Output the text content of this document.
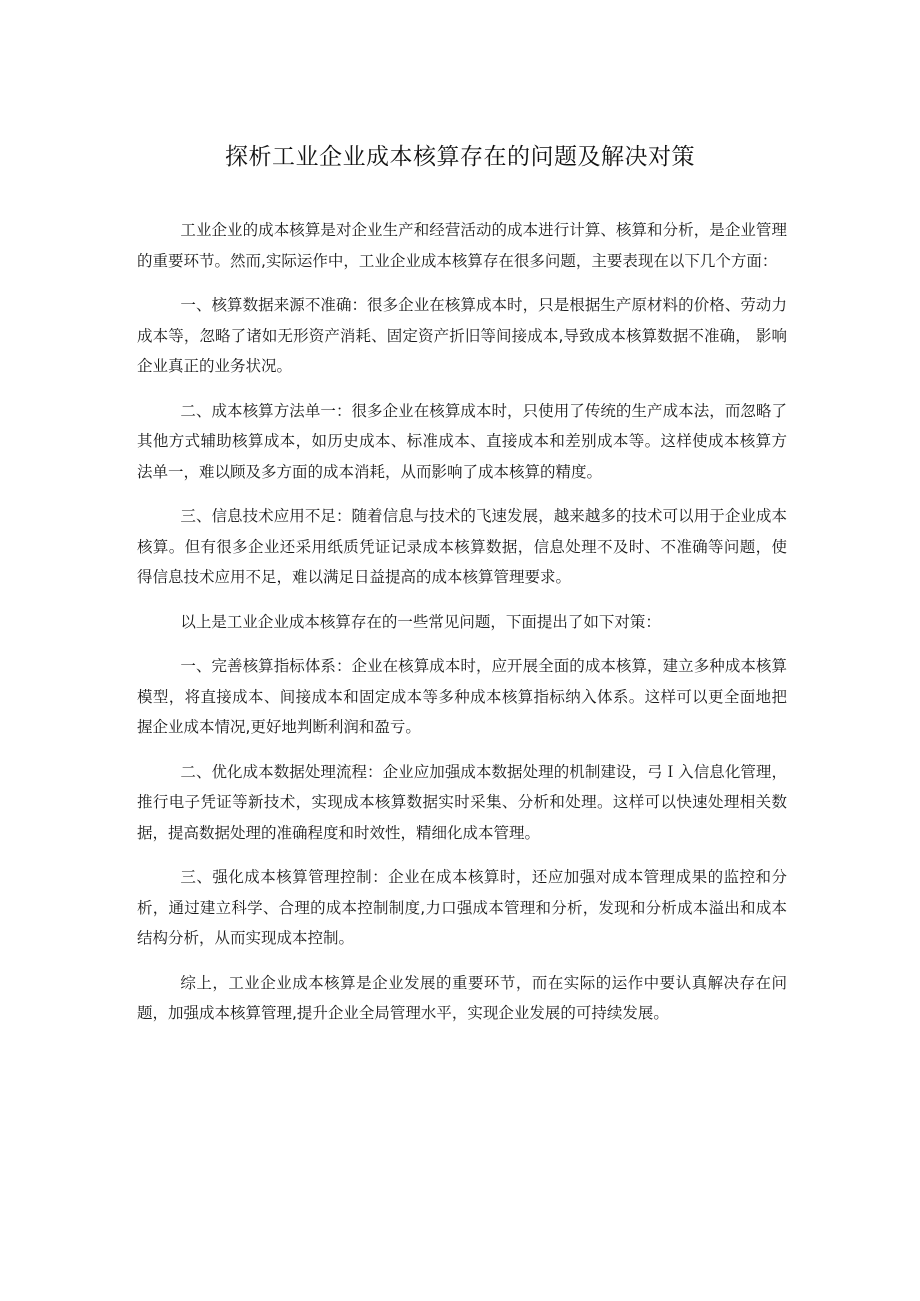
探析工业企业成本核算存在的问题及解决对策

工业企业的成本核算是对企业生产和经营活动的成本进行计算、核算和分析，是企业管理的重要环节。然而,实际运作中，工业企业成本核算存在很多问题，主要表现在以下几个方面：

一、核算数据来源不准确：很多企业在核算成本时，只是根据生产原材料的价格、劳动力成本等，忽略了诸如无形资产消耗、固定资产折旧等间接成本,导致成本核算数据不准确， 影响企业真正的业务状况。

二、成本核算方法单一：很多企业在核算成本时，只使用了传统的生产成本法，而忽略了其他方式辅助核算成本，如历史成本、标准成本、直接成本和差别成本等。这样使成本核算方法单一，难以顾及多方面的成本消耗，从而影响了成本核算的精度。

三、信息技术应用不足：随着信息与技术的飞速发展，越来越多的技术可以用于企业成本核算。但有很多企业还采用纸质凭证记录成本核算数据，信息处理不及时、不准确等问题，使得信息技术应用不足，难以满足日益提高的成本核算管理要求。

以上是工业企业成本核算存在的一些常见问题，下面提出了如下对策：

一、完善核算指标体系：企业在核算成本时，应开展全面的成本核算，建立多种成本核算模型，将直接成本、间接成本和固定成本等多种成本核算指标纳入体系。这样可以更全面地把握企业成本情况,更好地判断利润和盈亏。

二、优化成本数据处理流程：企业应加强成本数据处理的机制建设，弓Ｉ入信息化管理，推行电子凭证等新技术，实现成本核算数据实时采集、分析和处理。这样可以快速处理相关数据，提高数据处理的准确程度和时效性，精细化成本管理。

三、强化成本核算管理控制：企业在成本核算时，还应加强对成本管理成果的监控和分析，通过建立科学、合理的成本控制制度,力口强成本管理和分析，发现和分析成本溢出和成本结构分析，从而实现成本控制。

综上，工业企业成本核算是企业发展的重要环节，而在实际的运作中要认真解决存在问题，加强成本核算管理,提升企业全局管理水平，实现企业发展的可持续发展。
